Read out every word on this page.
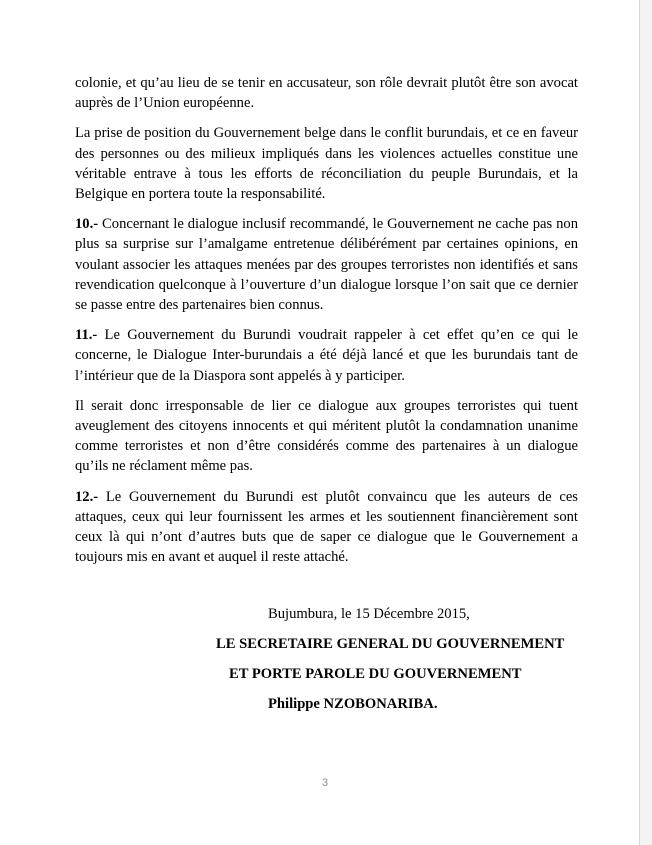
colonie, et qu’au lieu de se tenir en accusateur, son rôle devrait plutôt être son avocat auprès de l’Union européenne.

La prise de position du Gouvernement belge dans le conflit burundais, et ce en faveur des personnes ou des milieux impliqués dans les violences actuelles constitue une véritable entrave à tous les efforts de réconciliation du peuple Burundais, et la Belgique en portera toute la responsabilité.

10.- Concernant le dialogue inclusif recommandé, le Gouvernement ne cache pas non plus sa surprise sur l’amalgame entretenue délibérément par certaines opinions, en voulant associer les attaques menées par des groupes terroristes non identifiés et sans revendication quelconque à l’ouverture d’un dialogue lorsque l’on sait que ce dernier se passe entre des partenaires bien connus.

11.- Le Gouvernement du Burundi voudrait rappeler à cet effet qu’en ce qui le concerne, le Dialogue Inter-burundais a été déjà lancé et que les burundais tant de l’intérieur que de la Diaspora sont appelés à y participer.

Il serait donc irresponsable de lier ce dialogue aux groupes terroristes qui tuent aveuglement des citoyens innocents et qui méritent plutôt la condamnation unanime comme terroristes et non d’être considérés comme des partenaires à un dialogue qu’ils ne réclament même pas.

12.- Le Gouvernement du Burundi est plutôt convaincu que les auteurs de ces attaques, ceux qui leur fournissent les armes et les soutiennent financièrement sont ceux là qui n’ont d’autres buts que de saper ce dialogue que le Gouvernement a toujours mis en avant et auquel il reste attaché.

Bujumbura, le 15 Décembre 2015,
LE SECRETAIRE GENERAL DU GOUVERNEMENT
ET PORTE PAROLE DU GOUVERNEMENT
Philippe NZOBONARIBA.
3
